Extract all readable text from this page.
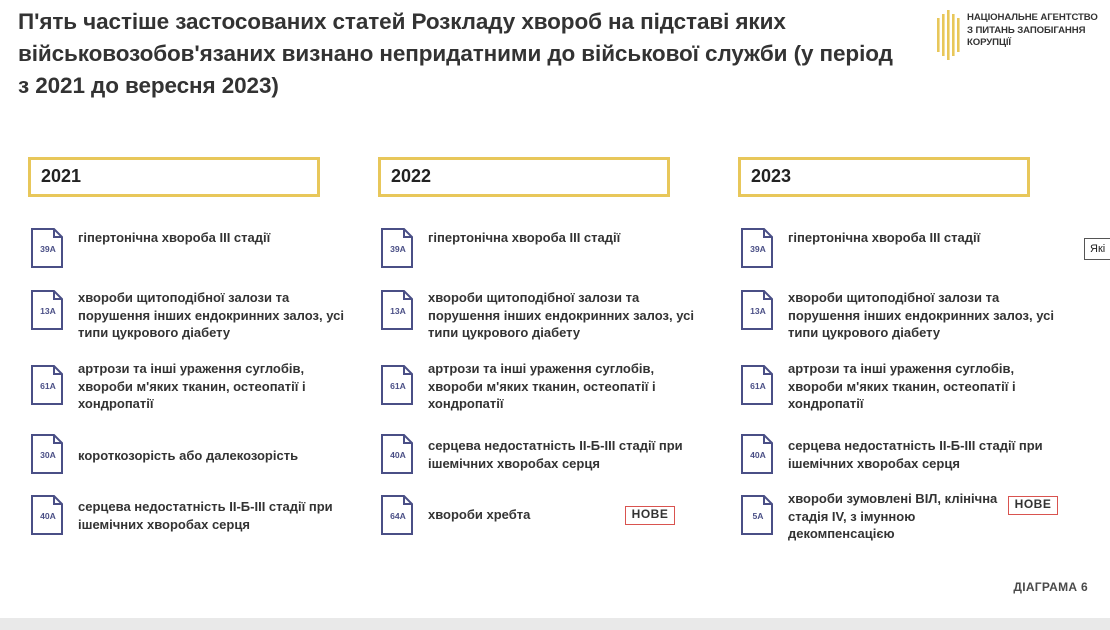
П'ять частіше застосованих статей Розкладу хвороб на підставі яких військовозобов'язаних визнано непридатними до військової служби (у період з 2021 до вересня 2023)
НАЦІОНАЛЬНЕ АГЕНТСТВО
З ПИТАНЬ ЗАПОБІГАННЯ
КОРУПЦІЇ
2021
39А
гіпертонічна хвороба III стадії
13А
хвороби щитоподібної залози та порушення інших ендокринних залоз, усі типи цукрового діабету
61А
артрози та інші ураження суглобів, хвороби м'яких тканин, остеопатії і хондропатії
30А	короткозорість або далекозорість
40А
серцева недостатність II-Б-III стадії при ішемічних хворобах серця
2022
39А
гіпертонічна хвороба III стадії
13А
хвороби щитоподібної залози та порушення інших ендокринних залоз, усі типи цукрового діабету
61А
артрози та інші ураження суглобів, хвороби м'яких тканин, остеопатії і хондропатії
40А
серцева недостатність II-Б-III стадії при ішемічних хворобах серця
64А	хвороби хребта	НОВЕ
2023
39А
гіпертонічна хвороба III стадії
13А
хвороби щитоподібної залози та порушення інших ендокринних залоз, усі типи цукрового діабету
61А
артрози та інші ураження суглобів, хвороби м'яких тканин, остеопатії і хондропатії
40А
серцева недостатність II-Б-III стадії при ішемічних хворобах серця
5А
хвороби зумовлені ВІЛ, клінічна стадія IV, з імунною декомпенсацією
НОВЕ
ДІАГРАМА 6
Які
